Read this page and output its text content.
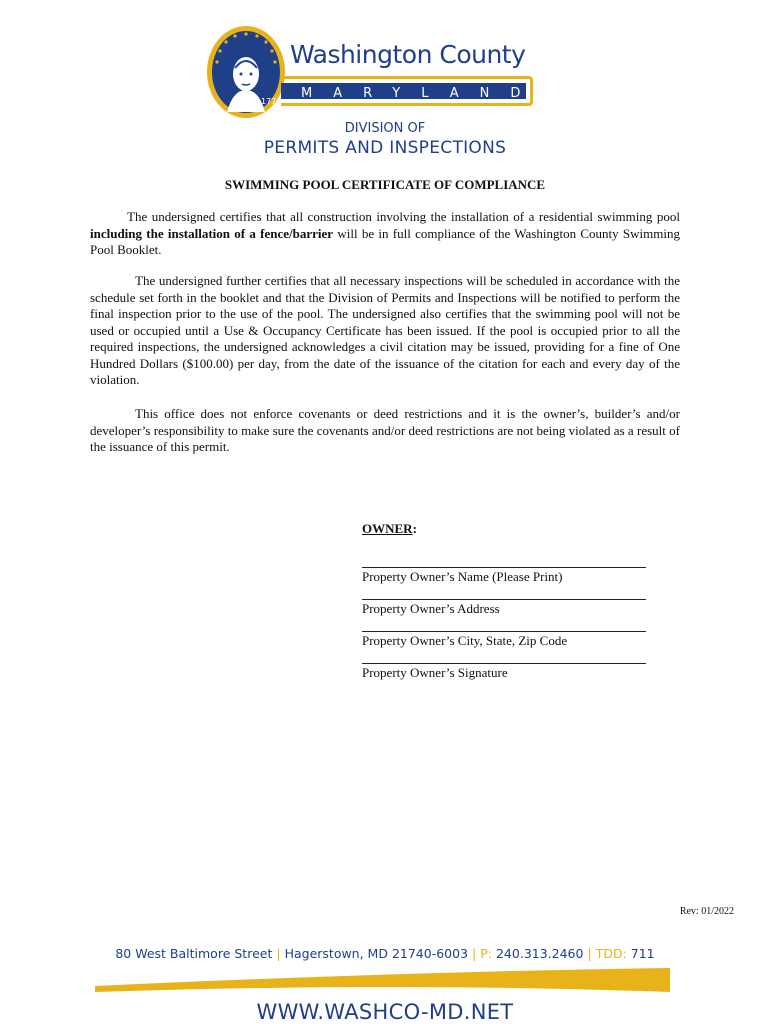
1776
Washington County
MARYLAND
DIVISION OF
PERMITS AND INSPECTIONS
SWIMMING POOL CERTIFICATE OF COMPLIANCE
The undersigned certifies that all construction involving the installation of a residential swimming pool including the installation of a fence/barrier will be in full compliance of the Washington County Swimming Pool Booklet.
The undersigned further certifies that all necessary inspections will be scheduled in accordance with the schedule set forth in the booklet and that the Division of Permits and Inspections will be notified to perform the final inspection prior to the use of the pool. The undersigned also certifies that the swimming pool will not be used or occupied until a Use & Occupancy Certificate has been issued. If the pool is occupied prior to all the required inspections, the undersigned acknowledges a civil citation may be issued, providing for a fine of One Hundred Dollars ($100.00) per day, from the date of the issuance of the citation for each and every day of the violation.
This office does not enforce covenants or deed restrictions and it is the owner’s, builder’s and/or developer’s responsibility to make sure the covenants and/or deed restrictions are not being violated as a result of the issuance of this permit.
OWNER:
Property Owner’s Name (Please Print)
Property Owner’s Address
Property Owner’s City, State, Zip Code
Property Owner’s Signature
Rev: 01/2022
80 West Baltimore Street | Hagerstown, MD 21740-6003 | P: 240.313.2460 | TDD: 711
WWW.WASHCO-MD.NET
